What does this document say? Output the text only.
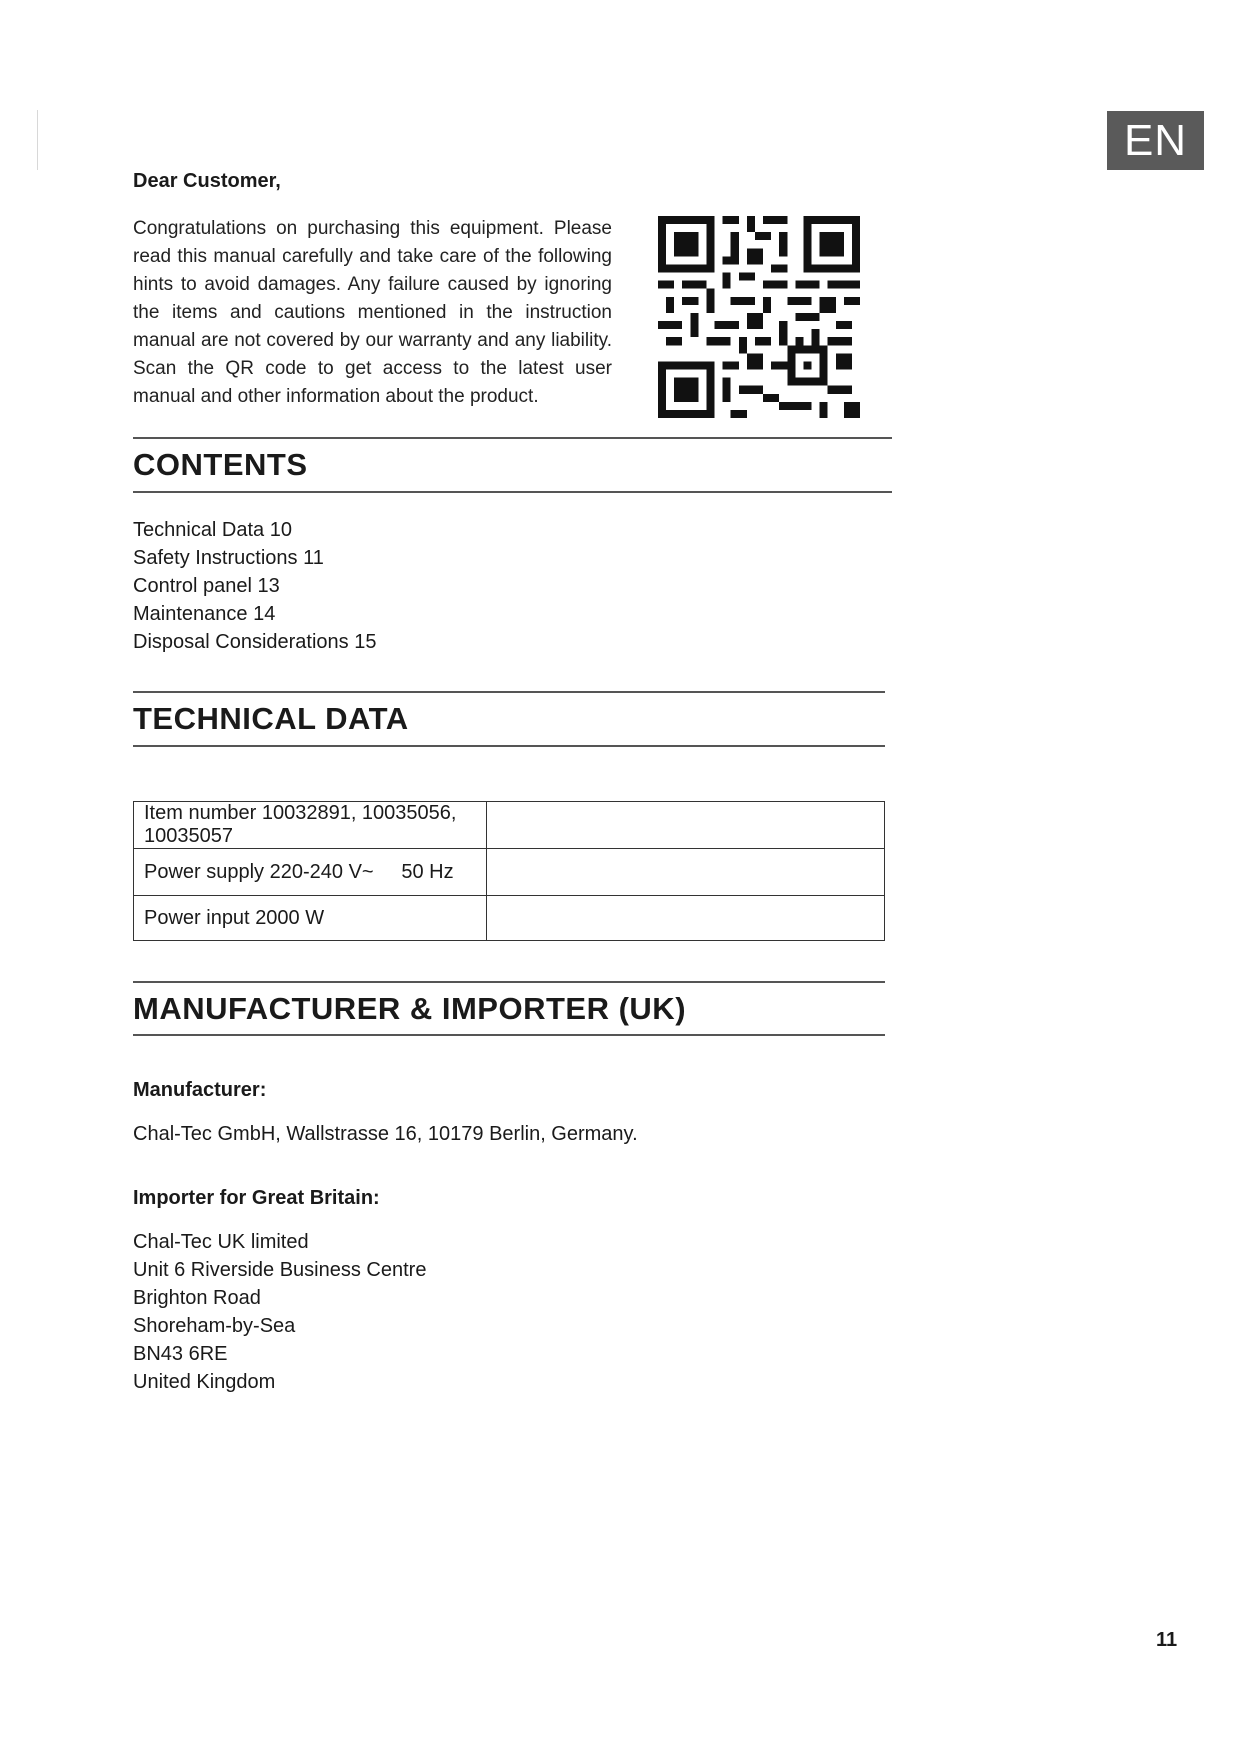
EN
Dear Customer,
Congratulations on purchasing this equipment. Please read this manual carefully and take care of the following hints to avoid damages. Any failure caused by ignoring the items and cautions mentioned in the instruction manual are not covered by our warranty and any liability. Scan the QR code to get access to the latest user manual and other information about the product.
CONTENTS
Technical Data 10
Safety Instructions 11
Control panel 13
Maintenance 14
Disposal Considerations 15
TECHNICAL DATA
Item number 10032891, 10035056, 10035057	
Power supply 220-240 V~     50 Hz	
Power input 2000 W	
MANUFACTURER & IMPORTER (UK)
Manufacturer:
Chal-Tec GmbH, Wallstrasse 16, 10179 Berlin, Germany.
Importer for Great Britain:
Chal-Tec UK limited
Unit 6 Riverside Business Centre
Brighton Road
Shoreham-by-Sea
BN43 6RE
United Kingdom
11
